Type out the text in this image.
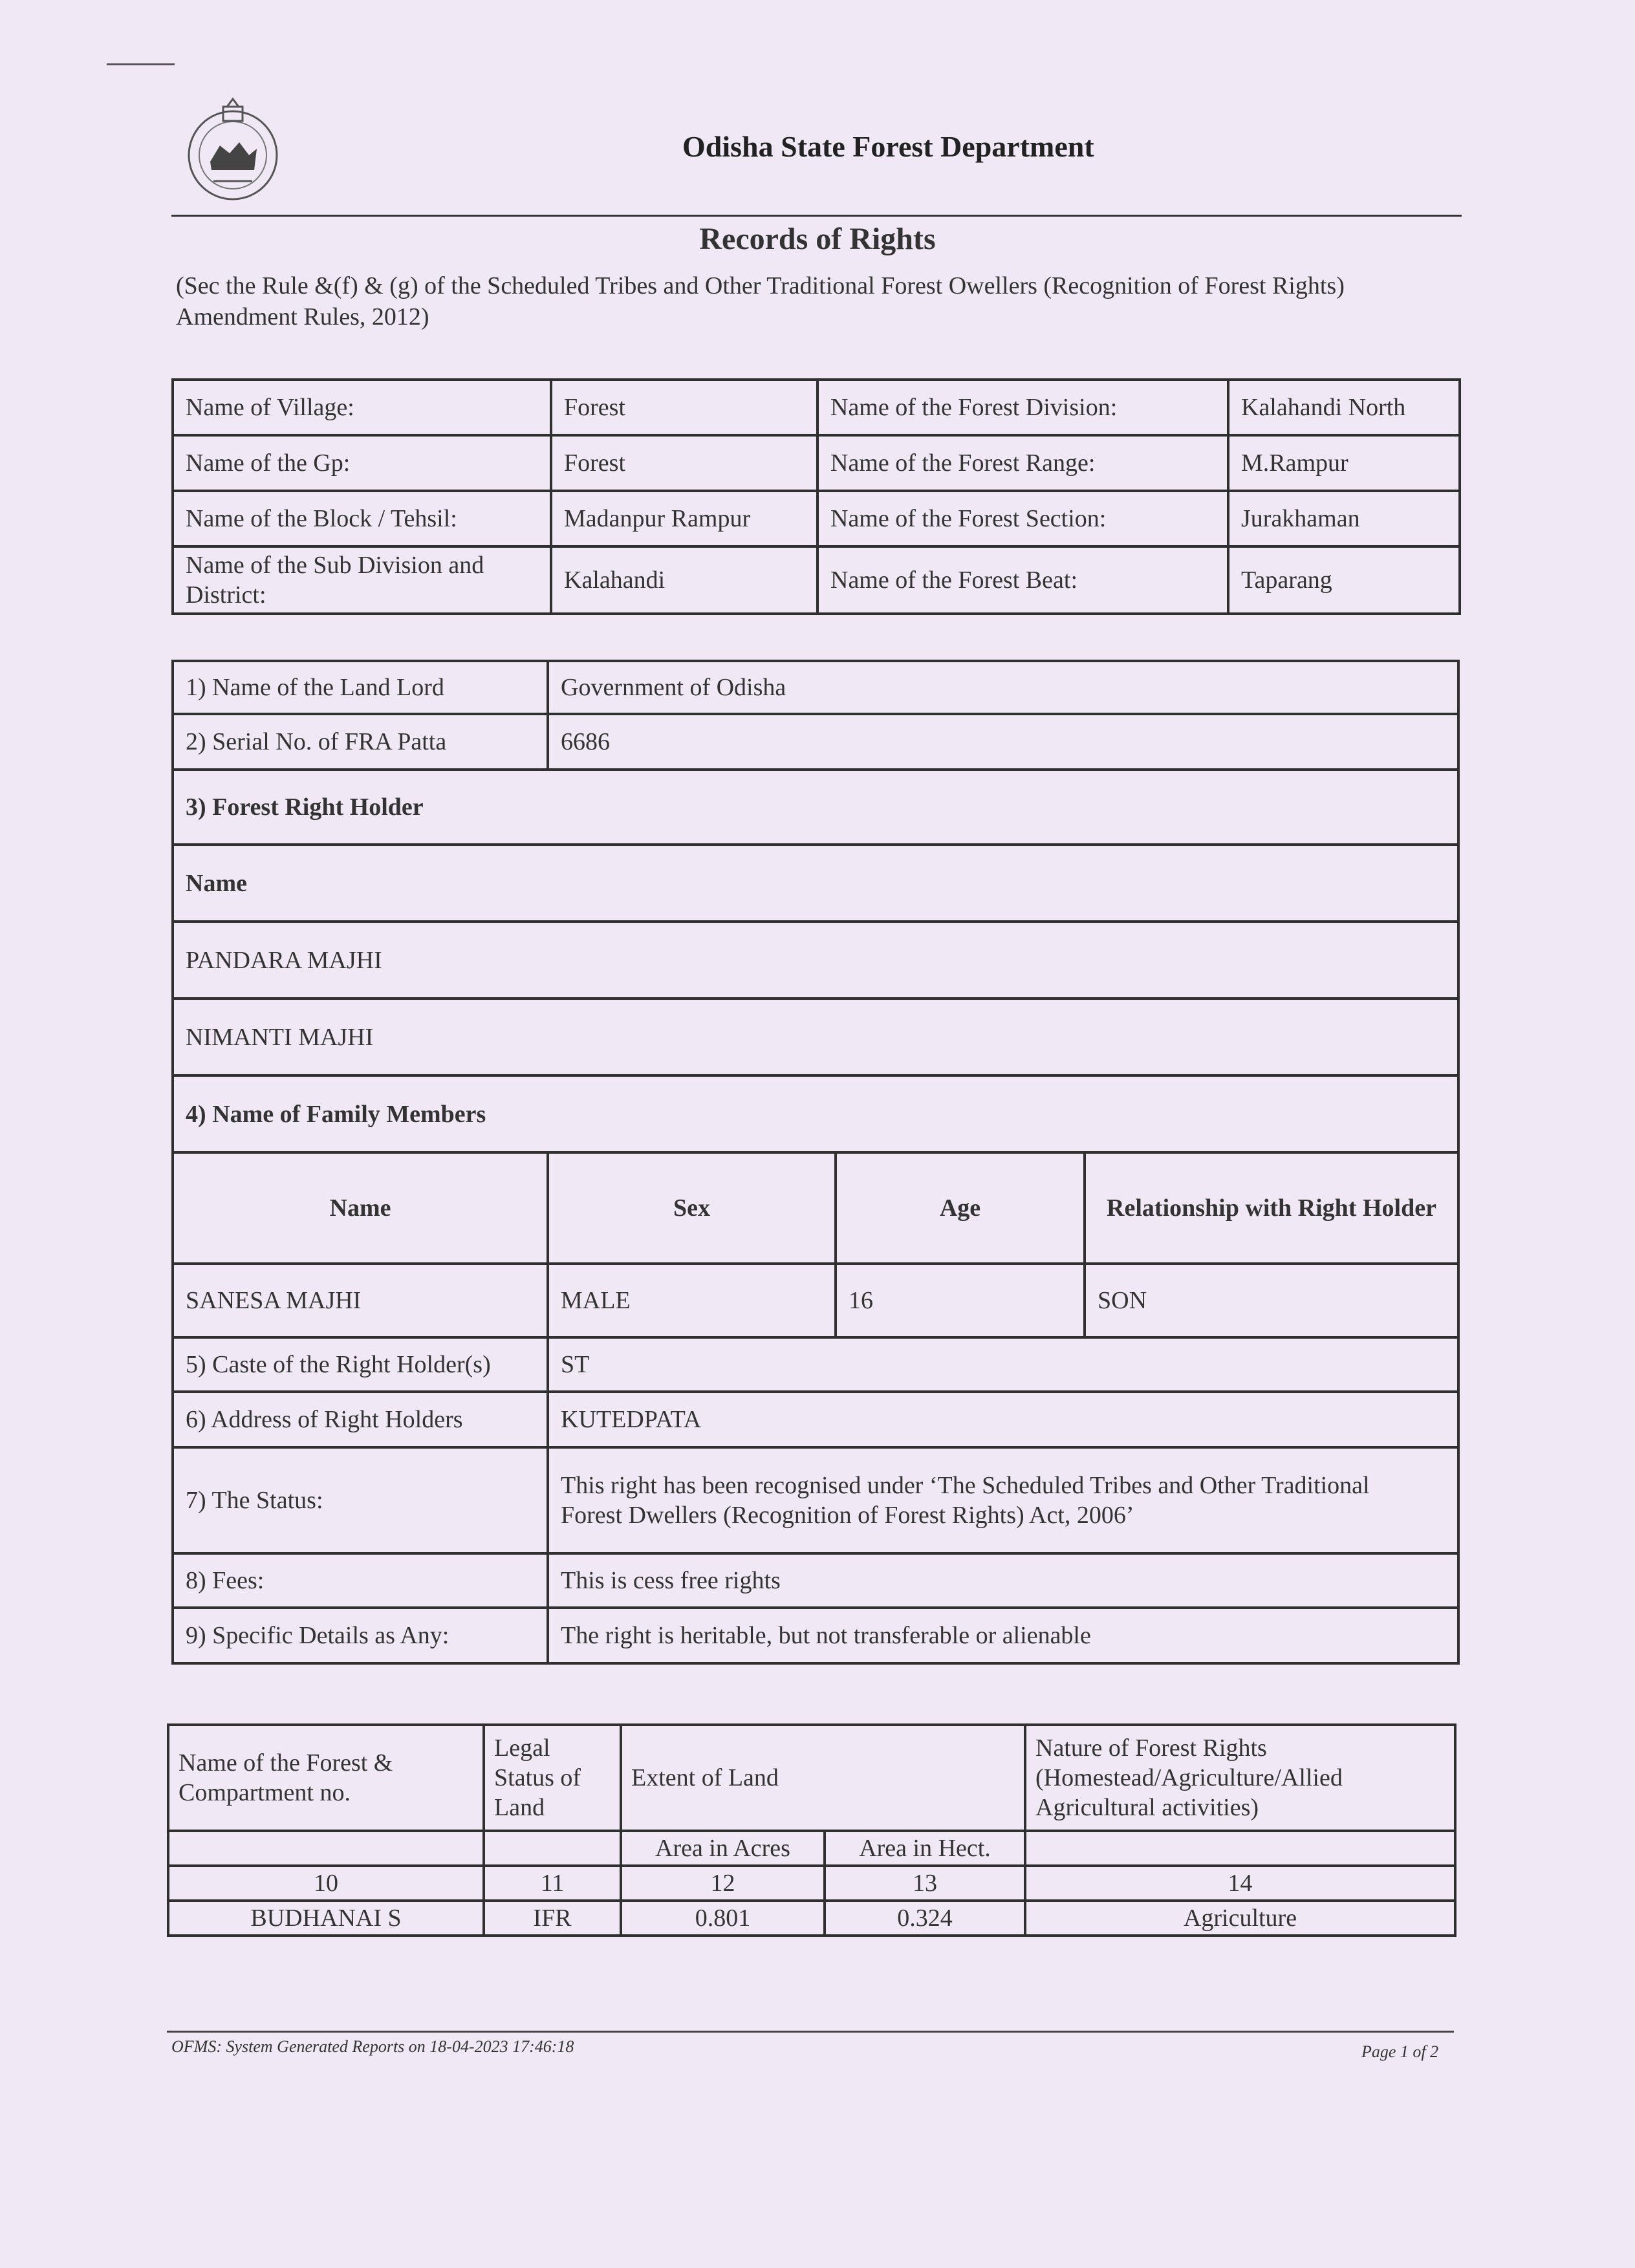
Odisha State Forest Department
Records of Rights
(Sec the Rule &(f) & (g) of the Scheduled Tribes and Other Traditional Forest Owellers (Recognition of Forest Rights) Amendment Rules, 2012)
Name of Village:	Forest	Name of the Forest Division:	Kalahandi North
Name of the Gp:	Forest	Name of the Forest Range:	M.Rampur
Name of the Block / Tehsil:	Madanpur Rampur	Name of the Forest Section:	Jurakhaman
Name of the Sub Division and District:	Kalahandi	Name of the Forest Beat:	Taparang
1) Name of the Land Lord	Government of Odisha		
2) Serial No. of FRA Patta	6686		
3) Forest Right Holder			
Name			
PANDARA MAJHI			
NIMANTI MAJHI			
4) Name of Family Members			
Name	Sex	Age	Relationship with Right Holder
SANESA MAJHI	MALE	16	SON
5) Caste of the Right Holder(s)	ST		
6) Address of Right Holders	KUTEDPATA		
7) The Status:	This right has been recognised under ‘The Scheduled Tribes and Other Traditional
Forest Dwellers (Recognition of Forest Rights) Act, 2006’		

8) Fees:	This is cess free rights		
9) Specific Details as Any:	The right is heritable, but not transferable or alienable		
Name of the Forest & Compartment no.	Legal Status of Land	Extent of Land		Nature of Forest Rights (Homestead/Agriculture/Allied Agricultural activities)
		Area in Acres	Area in Hect.	
10	11	12	13	14
BUDHANAI S	IFR	0.801	0.324	Agriculture
OFMS: System Generated Reports on 18-04-2023 17:46:18	Page 1 of 2
